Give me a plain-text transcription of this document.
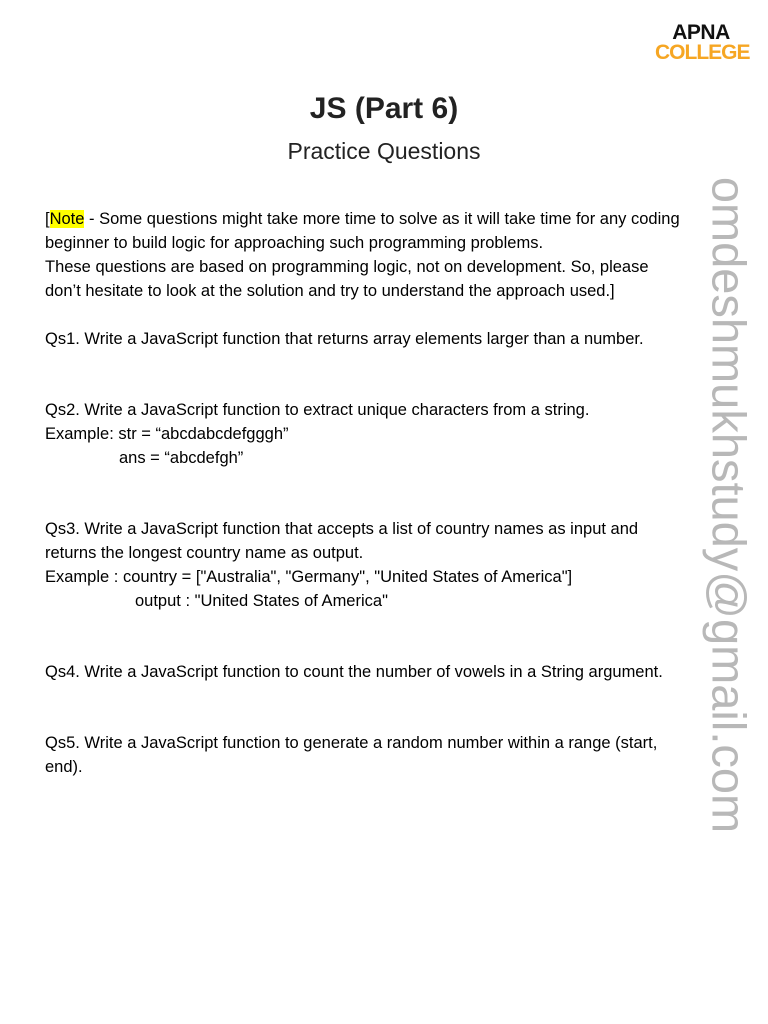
APNA
COLLEGE
JS (Part 6)
Practice Questions

[Note - Some questions might take more time to solve as it will take time for any coding

beginner to build logic for approaching such programming problems.

These questions are based on programming logic, not on development. So, please

don’t hesitate to look at the solution and try to understand the approach used.]

Qs1. Write a JavaScript function that returns array elements larger than a number.

Qs2. Write a JavaScript function to extract unique characters from a string.

Example: str = “abcdabcdefgggh”

ans = “abcdefgh”

Qs3. Write a JavaScript function that accepts a list of country names as input and

returns the longest country name as output.

Example : country = ["Australia", "Germany", "United States of America"]

output : "United States of America"

Qs4. Write a JavaScript function to count the number of vowels in a String argument.

Qs5. Write a JavaScript function to generate a random number within a range (start,

end).	omdeshmukhstudy@gmail.com
